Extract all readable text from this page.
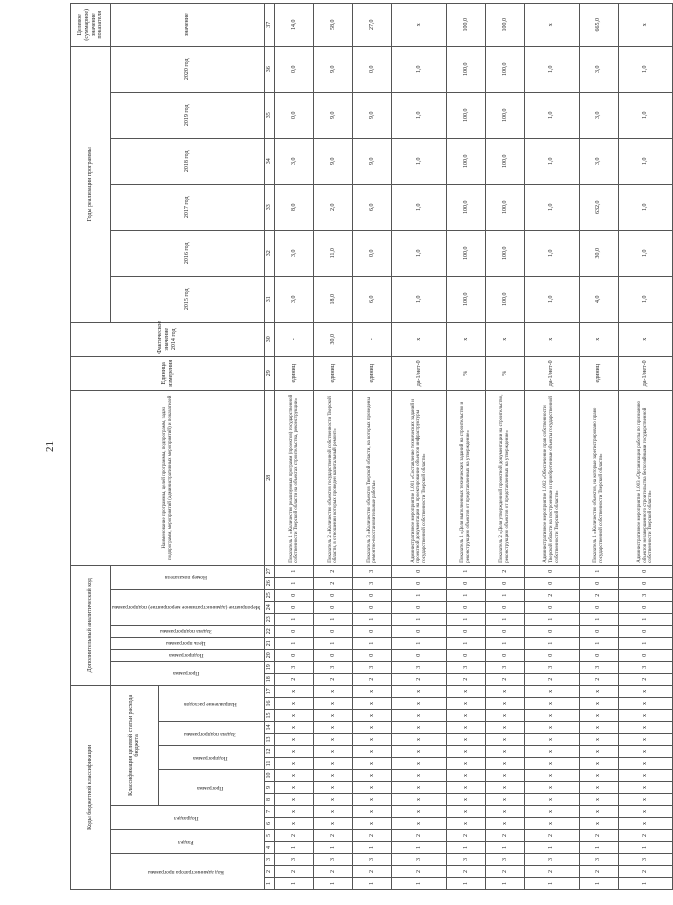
21
Коды бюджетной классификации																	Дополнительный аналитический код										Наименование программы, целей программы, подпрограмм, задач подпрограмм, мероприятий (административных мероприятий) и показателей	Единица измерения	Фактическое значение 2014 год	Годы реализации программы						Целевое (суммарное) значение показателя
Код администратора программы			Раздел		Подраздел		Классификация целевой статьи расхода бюджета										Программа		Подпрограмма	Цель программы	Задача подпрограммы	Мероприятие (административное мероприятие) подпрограммы			Номер показателя					2015 год	2016 год	2017 год	2018 год	2019 год	2020 год	значение
							Программа			Подпрограмма		Задача подпрограммы		Направление расходов																						
1	2	3	4	5	6	7	8	9	10	11	12	13	14	15	16	17	18	19	20	21	22	23	24	25	26	27	28	29	30	31	32	33	34	35	36	37
1	2	3	1	2	х	х	х	х	х	х	х	х	х	х	х	х	2	3	0	1	0	1	0	0	1	1	Показатель 1 «Количество реализуемых программ (проектов) государственной собственности Тверской области на объектах строительства, реконструкции»	единиц	-	3,0	3,0	8,0	3,0	0,0	0,0	14,0
1	2	3	1	2	х	х	х	х	х	х	х	х	х	х	х	х	2	3	0	1	0	1	0	0	2	2	Показатель 2 «Количество объектов государственной собственности Тверской области, в отношении которых проведен капитальный ремонт»	единиц	30,0	18,0	11,0	2,0	9,0	9,0	9,0	58,0
1	2	3	1	2	х	х	х	х	х	х	х	х	х	х	х	х	2	3	0	1	0	1	0	0	3	3	Показатель 3 «Количество объектов Тверской области, на которых проведены ремонтно-восстановительные работы»	единиц	-	6,0	0,0	6,0	9,0	9,0	0,0	27,0
1	2	3	1	2	х	х	х	х	х	х	х	х	х	х	х	х	2	3	0	1	0	1	0	1	0	0	Административное мероприятие 1.001 «Составление технических заданий и проектной документации на проектирование объектов инфраструктуры государственной собственности Тверской области»	да-1/нет-0	х	1,0	1,0	1,0	1,0	1,0	1,0	х
1	2	3	1	2	х	х	х	х	х	х	х	х	х	х	х	х	2	3	0	1	0	1	0	1	0	1	Показатель 1 «Доля выполненных технических заданий на строительство и реконструкцию объектов от представленных на утверждение»	%	х	100,0	100,0	100,0	100,0	100,0	100,0	100,0
1	2	3	1	2	х	х	х	х	х	х	х	х	х	х	х	х	2	3	0	1	0	1	0	1	0	2	Показатель 2 «Доля утвержденной проектной документации на строительство, реконструкцию объектов от представленных на утверждение»	%	х	100,0	100,0	100,0	100,0	100,0	100,0	100,0
1	2	3	1	2	х	х	х	х	х	х	х	х	х	х	х	х	2	3	0	1	0	1	0	2	0	0	Административное мероприятие 1.002 «Обеспечение прав собственности Тверской области на построенные и приобретенные объекты государственной собственности Тверской области»	да-1/нет-0	х	1,0	1,0	1,0	1,0	1,0	1,0	х
1	2	3	1	2	х	х	х	х	х	х	х	х	х	х	х	х	2	3	0	1	0	1	0	2	0	1	Показатель 1 «Количество объектов, на которые зарегистрировано право государственной собственности Тверской области»	единиц	х	4,0	30,0	632,0	3,0	3,0	3,0	665,0
1	2	3	1	2	х	х	х	х	х	х	х	х	х	х	х	х	2	3	0	1	0	1	0	3	0	0	Административное мероприятие 1.003 «Организация работы по признанию объектов незавершенного строительства бесхозяйными государственной собственности Тверской области»	да-1/нет-0	х	1,0	1,0	1,0	1,0	1,0	1,0	х
